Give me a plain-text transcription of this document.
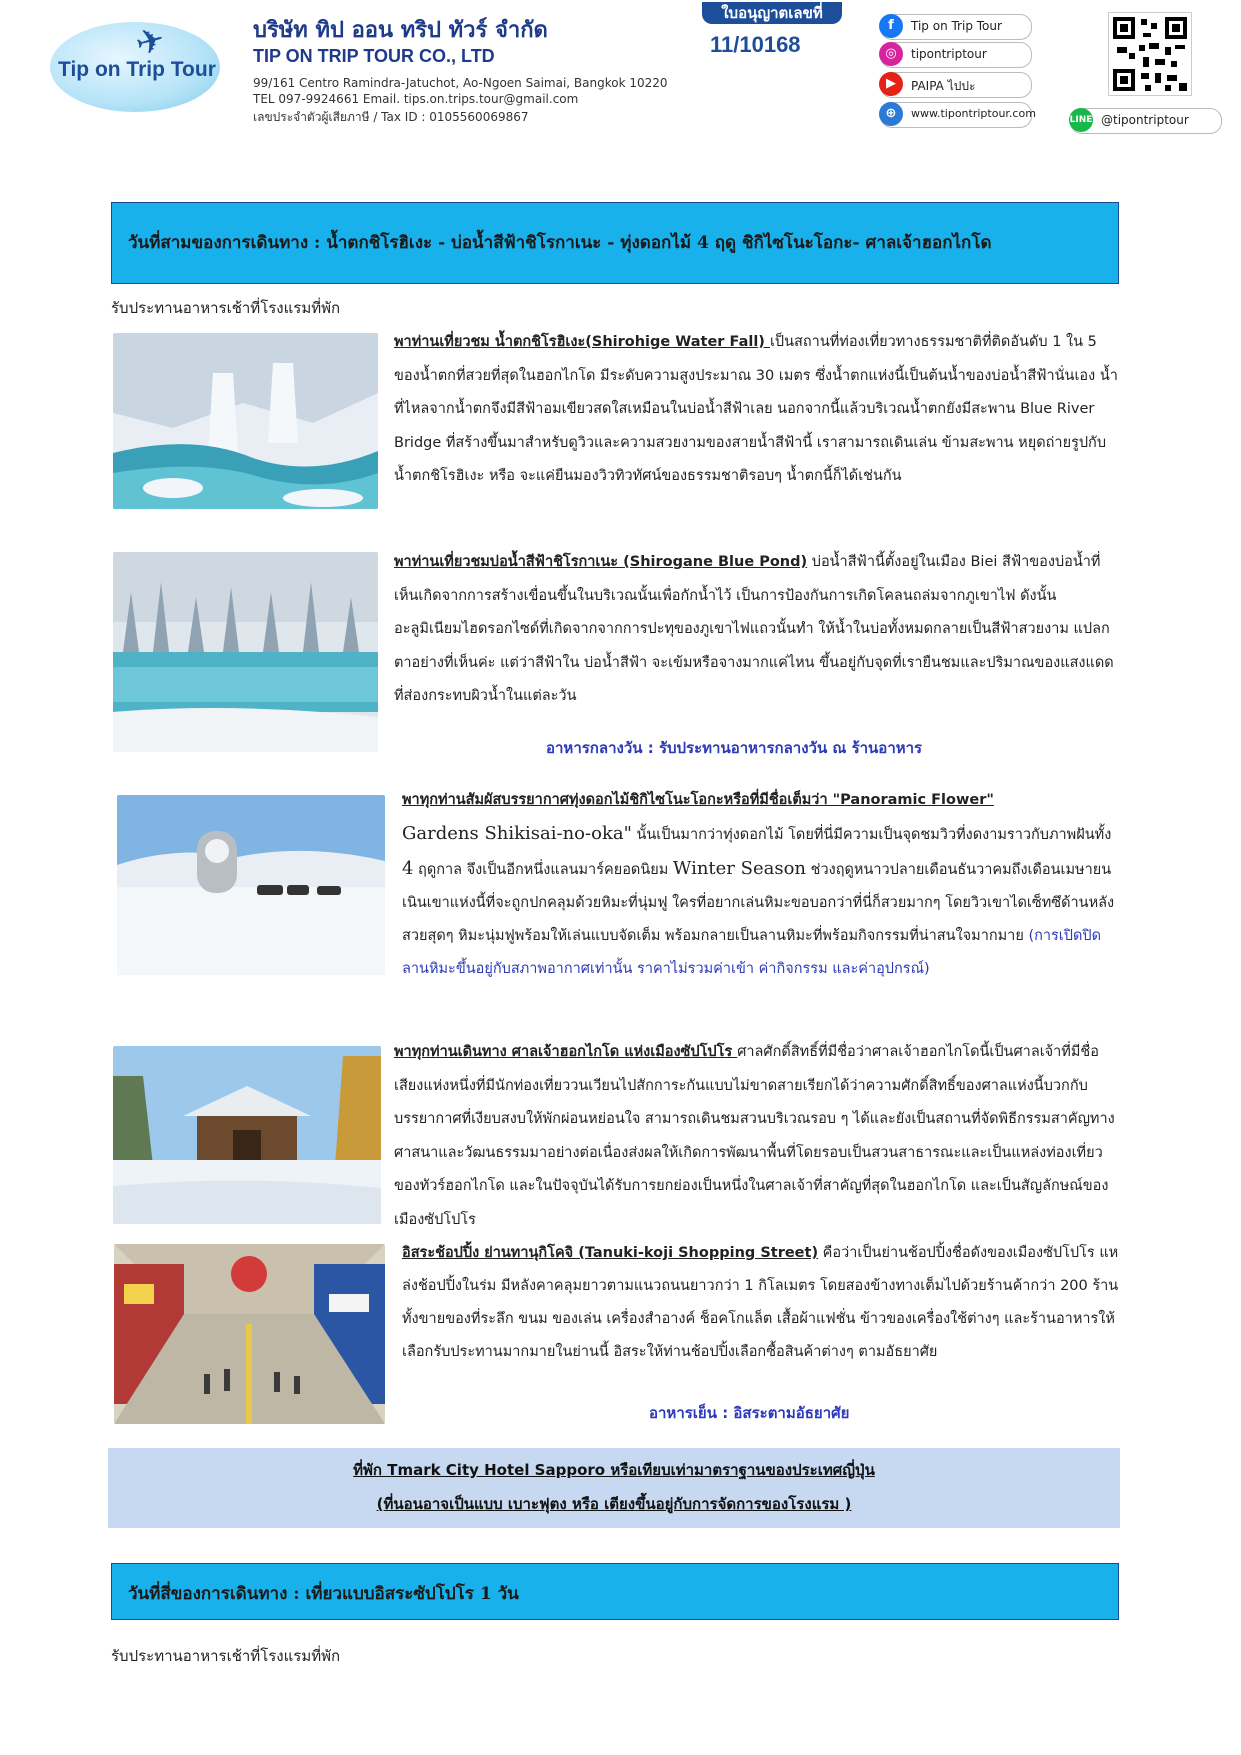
✈
Tip on Trip Tour
บริษัท ทิป ออน ทริป ทัวร์ จำกัด
TIP ON TRIP TOUR CO., LTD
99/161 Centro Ramindra-Jatuchot, Ao-Ngoen Saimai, Bangkok 10220
TEL 097-9924661 Email. tips.on.trips.tour@gmail.com
เลขประจำตัวผู้เสียภาษี / Tax ID : 0105560069867
ใบอนุญาตเลขที่
11/10168
f	Tip on Trip Tour
◎	tipontriptour
▶	PAIPA ไปปะ
⊕	www.tipontriptour.com	LINE @tipontriptour
วันที่สามของการเดินทาง : น้ำตกชิโรฮิเงะ - บ่อน้ำสีฟ้าชิโรกาเนะ - ทุ่งดอกไม้ 4 ฤดู ชิกิไซโนะโอกะ- ศาลเจ้าฮอกไกโด
รับประทานอาหารเช้าที่โรงแรมที่พัก
พาท่านเที่ยวชม น้ำตกชิโรฮิเงะ(Shirohige Water Fall) เป็นสถานที่ท่องเที่ยวทางธรรมชาติที่ติดอันดับ 1 ใน 5 ของน้ำตกที่สวยที่สุดในฮอกไกโด มีระดับความสูงประมาณ 30 เมตร ซึ่งน้ำตกแห่งนี้เป็นต้นน้ำของบ่อน้ำสีฟ้านั่นเอง น้ำที่ไหลจากน้ำตกจึงมีสีฟ้าอมเขียวสดใสเหมือนในบ่อน้ำสีฟ้าเลย นอกจากนี้แล้วบริเวณน้ำตกยังมีสะพาน Blue River Bridge ที่สร้างขึ้นมาสำหรับดูวิวและความสวยงามของสายน้ำสีฟ้านี้ เราสามารถเดินเล่น ข้ามสะพาน หยุดถ่ายรูปกับน้ำตกชิโรฮิเงะ หรือ จะแค่ยืนมองวิวทิวทัศน์ของธรรมชาติรอบๆ น้ำตกนี้ก็ได้เช่นกัน
พาท่านเที่ยวชมบ่อน้ำสีฟ้าชิโรกาเนะ (Shirogane Blue Pond) บ่อน้ำสีฟ้านี้ตั้งอยู่ในเมือง Biei สีฟ้าของบ่อน้ำที่เห็นเกิดจากการสร้างเขื่อนขึ้นในบริเวณนั้นเพื่อกักน้ำไว้ เป็นการป้องกันการเกิดโคลนถล่มจากภูเขาไฟ ดังนั้นอะลูมิเนียมไฮดรอกไซด์ที่เกิดจากจากการปะทุของภูเขาไฟแถวนั้นทำ ให้น้ำในบ่อทั้งหมดกลายเป็นสีฟ้าสวยงาม แปลกตาอย่างที่เห็นค่ะ แต่ว่าสีฟ้าใน บ่อน้ำสีฟ้า จะเข้มหรือจางมากแค่ไหน ขึ้นอยู่กับจุดที่เรายืนชมและปริมาณของแสงแดดที่ส่องกระทบผิวน้ำในแต่ละวัน
อาหารกลางวัน : รับประทานอาหารกลางวัน ณ ร้านอาหาร
พาทุกท่านสัมผัสบรรยากาศทุ่งดอกไม้ชิกิไซโนะโอกะหรือที่มีชื่อเต็มว่า "Panoramic Flower"
Gardens Shikisai-no-oka" นั้นเป็นมากว่าทุ่งดอกไม้ โดยที่นี่มีความเป็นจุดชมวิวที่งดงามราวกับภาพฝันทั้ง 4 ฤดูกาล จึงเป็นอีกหนึ่งแลนมาร์คยอดนิยม Winter Season ช่วงฤดูหนาวปลายเดือนธันวาคมถึงเดือนเมษายน เนินเขาแห่งนี้ที่จะถูกปกคลุมด้วยหิมะที่นุ่มฟู ใครที่อยากเล่นหิมะขอบอกว่าที่นี่ก็สวยมากๆ โดยวิวเขาไดเซ็ทซึด้านหลังสวยสุดๆ หิมะนุ่มฟูพร้อมให้เล่นแบบจัดเต็ม พร้อมกลายเป็นลานหิมะที่พร้อมกิจกรรมที่น่าสนใจมากมาย (การเปิดปิดลานหิมะขึ้นอยู่กับสภาพอากาศเท่านั้น ราคาไม่รวมค่าเข้า ค่ากิจกรรม และค่าอุปกรณ์)
พาทุกท่านเดินทาง ศาลเจ้าฮอกไกโด แห่งเมืองซัปโปโร ศาลศักดิ์สิทธิ์ที่มีชื่อว่าศาลเจ้าฮอกไกโดนี้เป็นศาลเจ้าที่มีชื่อเสียงแห่งหนึ่งที่มีนักท่องเที่ยววนเวียนไปสักการะกันแบบไม่ขาดสายเรียกได้ว่าความศักดิ์สิทธิ์ของศาลแห่งนี้บวกกับบรรยากาศที่เงียบสงบให้พักผ่อนหย่อนใจ สามารถเดินชมสวนบริเวณรอบ ๆ ได้และยังเป็นสถานที่จัดพิธีกรรมสาคัญทางศาสนาและวัฒนธรรมมาอย่างต่อเนื่องส่งผลให้เกิดการพัฒนาพื้นที่โดยรอบเป็นสวนสาธารณะและเป็นแหล่งท่องเที่ยวของทัวร์ฮอกไกโด และในปัจจุบันได้รับการยกย่องเป็นหนึ่งในศาลเจ้าที่สาคัญที่สุดในฮอกไกโด และเป็นสัญลักษณ์ของเมืองซัปโปโร
อิสระช้อปปิ้ง ย่านทานุกิโคจิ (Tanuki-koji Shopping Street) คือว่าเป็นย่านช้อปปิ้งชื่อดังของเมืองซัปโปโร แหล่งช้อปปิ้งในร่ม มีหลังคาคลุมยาวตามแนวถนนยาวกว่า 1 กิโลเมตร โดยสองข้างทางเต็มไปด้วยร้านค้ากว่า 200 ร้าน ทั้งขายของที่ระลึก ขนม ของเล่น เครื่องสำอางค์ ช็อคโกแล็ต เสื้อผ้าแฟชั่น ข้าวของเครื่องใช้ต่างๆ และร้านอาหารให้เลือกรับประทานมากมายในย่านนี้ อิสระให้ท่านช้อปปิ้งเลือกซื้อสินค้าต่างๆ ตามอัธยาศัย
อาหารเย็น : อิสระตามอัธยาศัย
ที่พัก Tmark City Hotel Sapporo หรือเทียบเท่ามาตราฐานของประเทศญี่ปุ่น
(ที่นอนอาจเป็นแบบ เบาะฟุตง หรือ เตียงขึ้นอยู่กับการจัดการของโรงแรม )
วันที่สี่ของการเดินทาง : เที่ยวแบบอิสระซัปโปโร 1 วัน
รับประทานอาหารเช้าที่โรงแรมที่พัก
